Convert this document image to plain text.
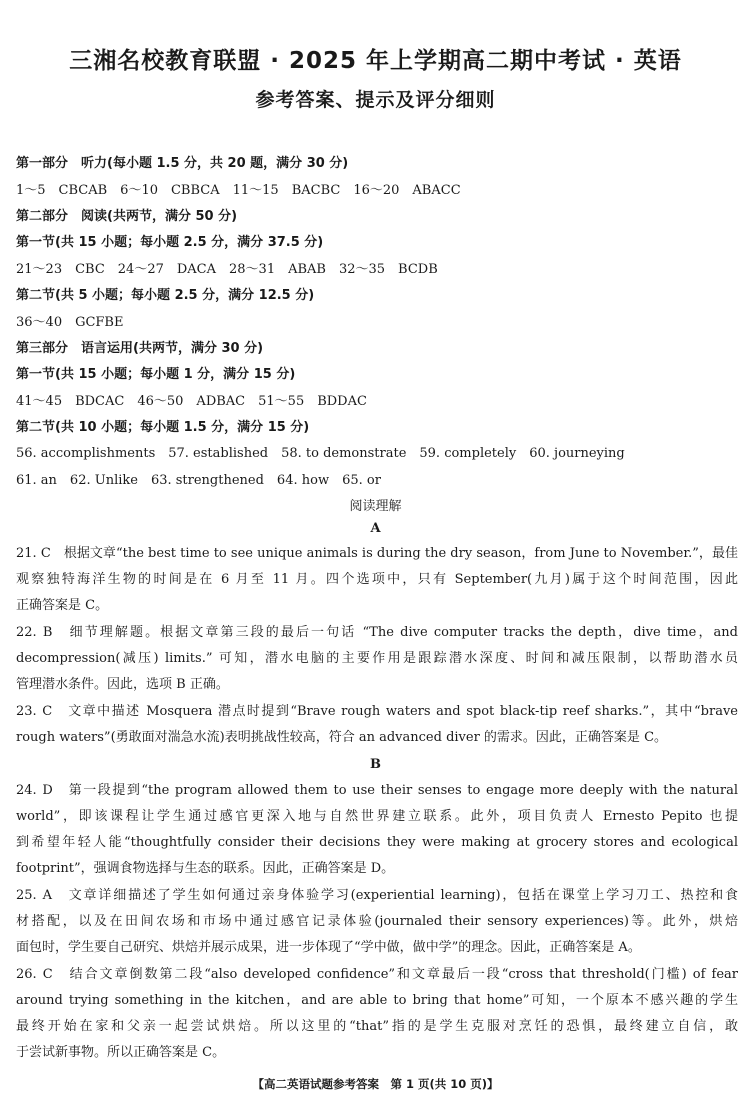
三湘名校教育联盟 · 2025 年上学期高二期中考试 · 英语
参考答案、提示及评分细则
第一部分　听力(每小题 1.5 分，共 20 题，满分 30 分)
1～5　CBCAB　6～10　CBBCA　11～15　BACBC　16～20　ABACC
第二部分　阅读(共两节，满分 50 分)
第一节(共 15 小题；每小题 2.5 分，满分 37.5 分)
21～23　CBC　24～27　DACA　28～31　ABAB　32～35　BCDB
第二节(共 5 小题；每小题 2.5 分，满分 12.5 分)
36～40　GCFBE
第三部分　语言运用(共两节，满分 30 分)
第一节(共 15 小题；每小题 1 分，满分 15 分)
41～45　BDCAC　46～50　ADBAC　51～55　BDDAC
第二节(共 10 小题；每小题 1.5 分，满分 15 分)
56. accomplishments　57. established　58. to demonstrate　59. completely　60. journeying
61. an　62. Unlike　63. strengthened　64. how　65. or
阅读理解
A
21. C　根据文章“the best time to see unique animals is during the dry season，from June to November.”，最佳
观察独特海洋生物的时间是在 6 月至 11 月。四个选项中，只有 September(九月)属于这个时间范围，因此
正确答案是 C。
22. B　细节理解题。根据文章第三段的最后一句话 “The dive computer tracks the depth，dive time，and
decompression(减压) limits.” 可知，潜水电脑的主要作用是跟踪潜水深度、时间和减压限制，以帮助潜水员
管理潜水条件。因此，选项 B 正确。
23. C　文章中描述 Mosquera 潜点时提到“Brave rough waters and spot black-tip reef sharks.”，其中“brave
rough waters”(勇敢面对湍急水流)表明挑战性较高，符合 an advanced diver 的需求。因此，正确答案是 C。
B
24. D　第一段提到“the program allowed them to use their senses to engage more deeply with the natural
world”，即该课程让学生通过感官更深入地与自然世界建立联系。此外，项目负责人 Ernesto Pepito 也提
到希望年轻人能“thoughtfully consider their decisions they were making at grocery stores and ecological
footprint”，强调食物选择与生态的联系。因此，正确答案是 D。
25. A　文章详细描述了学生如何通过亲身体验学习(experiential learning)，包括在课堂上学习刀工、热控和食
材搭配，以及在田间农场和市场中通过感官记录体验(journaled their sensory experiences)等。此外，烘焙
面包时，学生要自己研究、烘焙并展示成果，进一步体现了“学中做，做中学”的理念。因此，正确答案是 A。
26. C　结合文章倒数第二段“also developed confidence”和文章最后一段“cross that threshold(门槛) of fear
around trying something in the kitchen，and are able to bring that home”可知，一个原本不感兴趣的学生
最终开始在家和父亲一起尝试烘焙。所以这里的“that”指的是学生克服对烹饪的恐惧，最终建立自信，敢
于尝试新事物。所以正确答案是 C。
【高二英语试题参考答案　第 1 页(共 10 页)】
